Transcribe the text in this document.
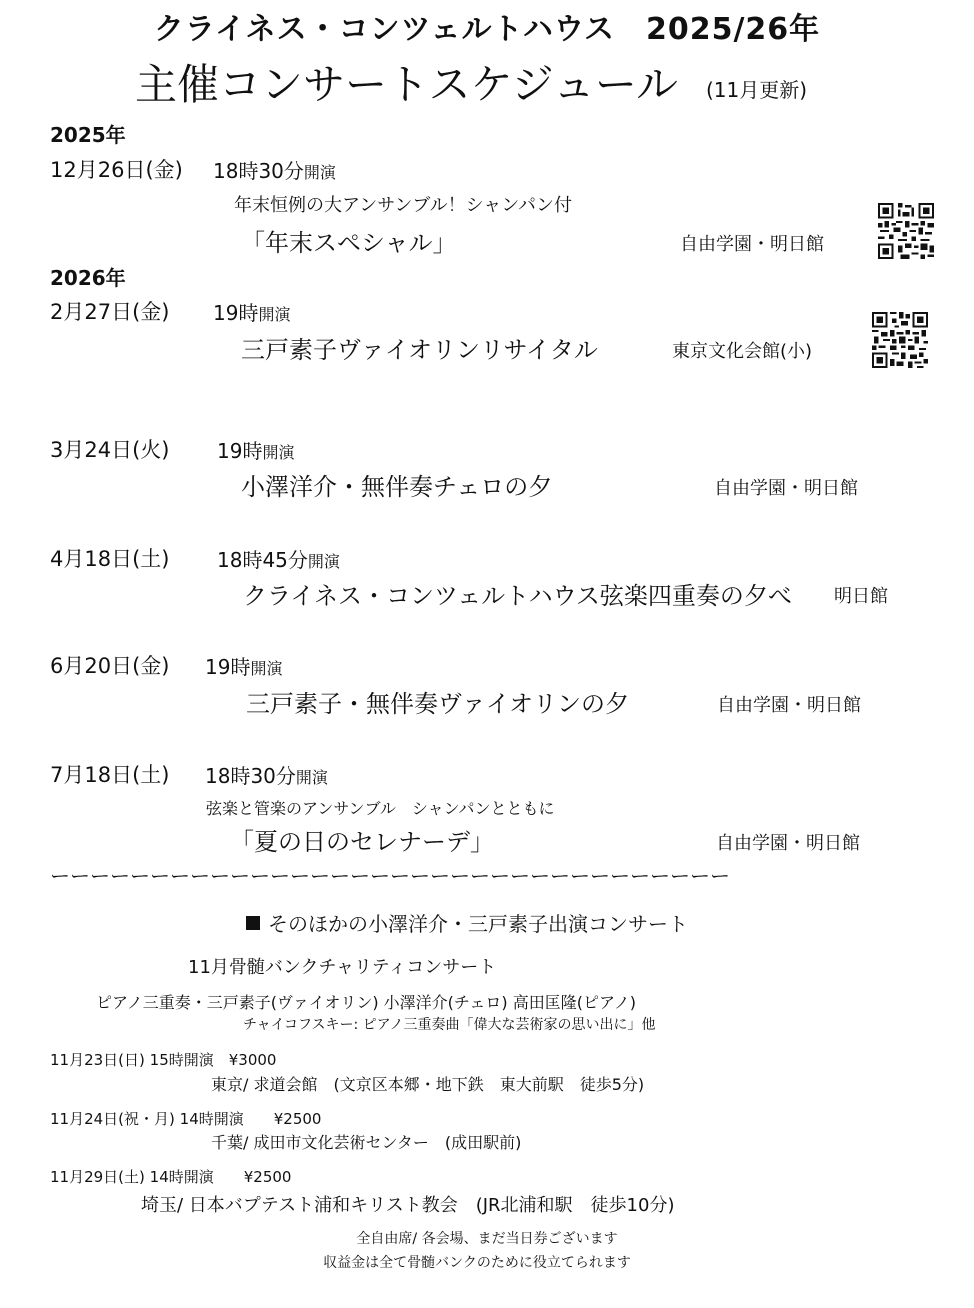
クライネス・コンツェルトハウス　2025/26年
主催コンサートスケジュール (11月更新)
2025年
12月26日(金) 18時30分開演
年末恒例の大アンサンブル！シャンパン付
「年末スペシャル」	自由学園・明日館
2026年
2月27日(金) 19時開演
三戸素子ヴァイオリンリサイタル	東京文化会館(小)
3月24日(火) 19時開演
小澤洋介・無伴奏チェロの夕	自由学園・明日館
4月18日(土) 18時45分開演
クライネス・コンツェルトハウス弦楽四重奏の夕べ 明日館
6月20日(金) 19時開演
三戸素子・無伴奏ヴァイオリンの夕	自由学園・明日館
7月18日(土) 18時30分開演
弦楽と管楽のアンサンブル　シャンパンとともに
「夏の日のセレナーデ」	自由学園・明日館
ーーーーーーーーーーーーーーーーーーーーーーーーーーーーーーーーーー
そのほかの小澤洋介・三戸素子出演コンサート
11月骨髄バンクチャリティコンサート
ピアノ三重奏・三戸素子(ヴァイオリン) 小澤洋介(チェロ) 高田匡隆(ピアノ)
チャイコフスキー: ピアノ三重奏曲「偉大な芸術家の思い出に」他
11月23日(日) 15時開演　¥3000
東京/ 求道会館　(文京区本郷・地下鉄　東大前駅　徒歩5分)
11月24日(祝・月) 14時開演　　¥2500
千葉/ 成田市文化芸術センター　(成田駅前)
11月29日(土) 14時開演　　¥2500
埼玉/ 日本バプテスト浦和キリスト教会　(JR北浦和駅　徒歩10分)
全自由席/ 各会場、まだ当日券ございます
収益金は全て骨髄バンクのために役立てられます
